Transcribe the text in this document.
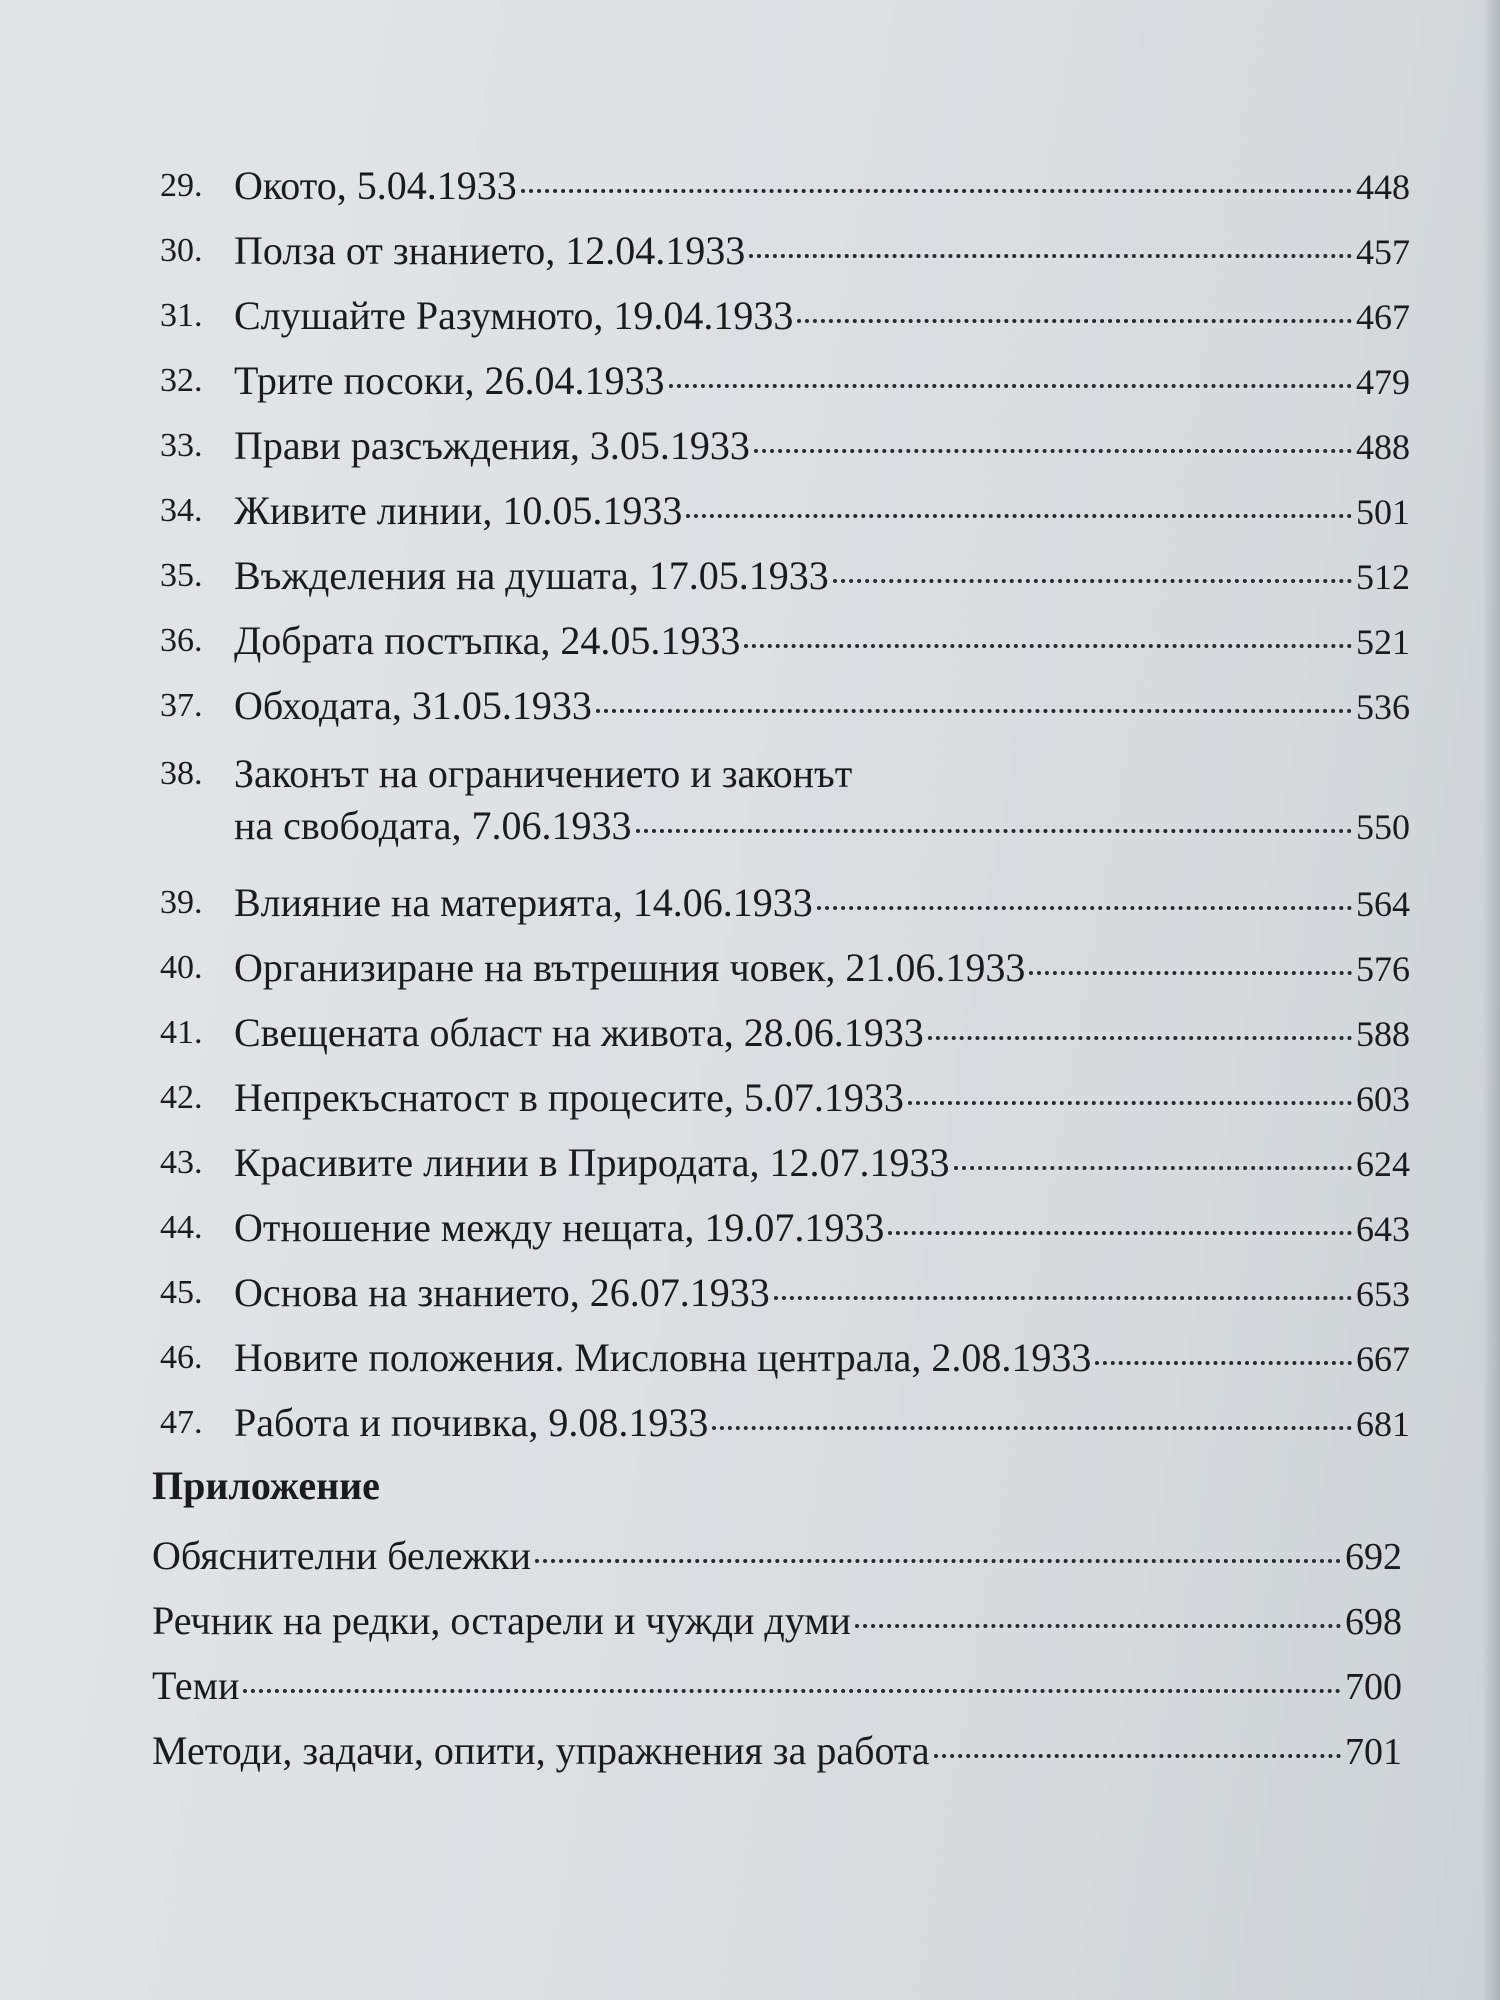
29. Окото, 5.04.1933	448
30. Полза от знанието, 12.04.1933	457
31. Слушайте Разумното, 19.04.1933	467
32. Трите посоки, 26.04.1933	479
33. Прави разсъждения, 3.05.1933	488
34. Живите линии, 10.05.1933	501
35. Въжделения на душата, 17.05.1933	512
36. Добрата постъпка, 24.05.1933	521
37. Обходата, 31.05.1933	536
38. Законът на ограничението и законът
на свободата, 7.06.1933	550
39. Влияние на материята, 14.06.1933	564
40. Организиране на вътрешния човек, 21.06.1933	576
41. Свещената област на живота, 28.06.1933	588
42. Непрекъснатост в процесите, 5.07.1933	603
43. Красивите линии в Природата, 12.07.1933	624
44. Отношение между нещата, 19.07.1933	643
45. Основа на знанието, 26.07.1933	653
46. Новите положения. Мисловна централа, 2.08.1933	667
47. Работа и почивка, 9.08.1933	681
Приложение
Обяснителни бележки	692
Речник на редки, остарели и чужди думи	698
Теми	700
Методи, задачи, опити, упражнения за работа	701
